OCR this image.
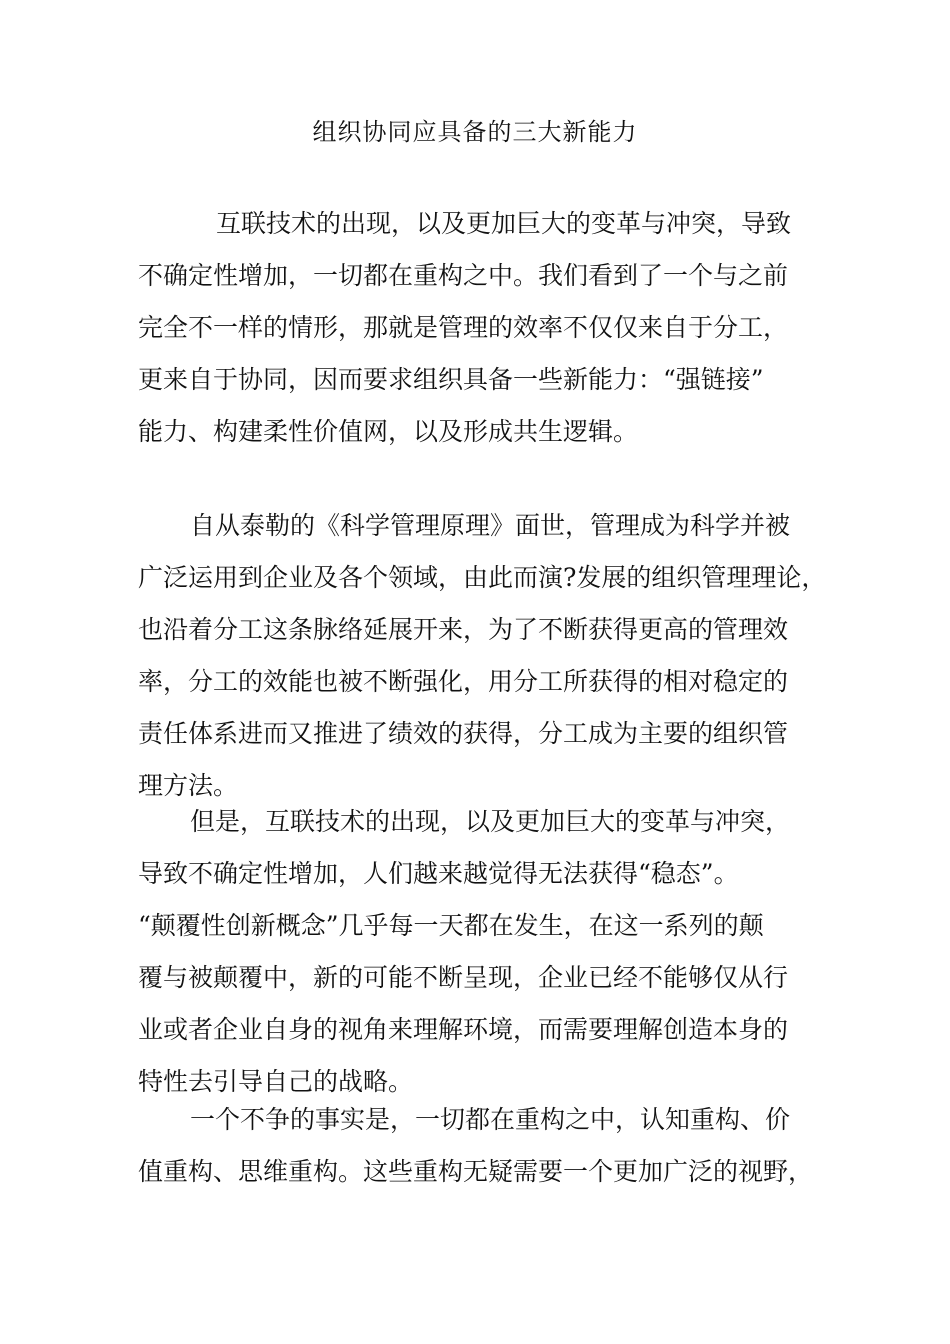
组织协同应具备的三大新能力
互联技术的出现，以及更加巨大的变革与冲突，导致
不确定性增加，一切都在重构之中。我们看到了一个与之前
完全不一样的情形，那就是管理的效率不仅仅来自于分工，
更来自于协同，因而要求组织具备一些新能力：“强链接”
能力、构建柔性价值网，以及形成共生逻辑。
自从泰勒的《科学管理原理》面世，管理成为科学并被
广泛运用到企业及各个领域，由此而演?发展的组织管理理论，
也沿着分工这条脉络延展开来，为了不断获得更高的管理效
率，分工的效能也被不断强化，用分工所获得的相对稳定的
责任体系进而又推进了绩效的获得，分工成为主要的组织管
理方法。
但是，互联技术的出现，以及更加巨大的变革与冲突，
导致不确定性增加，人们越来越觉得无法获得“稳态”。
“颠覆性创新概念”几乎每一天都在发生，在这一系列的颠
覆与被颠覆中，新的可能不断呈现，企业已经不能够仅从行
业或者企业自身的视角来理解环境，而需要理解创造本身的
特性去引导自己的战略。
一个不争的事实是，一切都在重构之中，认知重构、价
值重构、思维重构。这些重构无疑需要一个更加广泛的视野，
